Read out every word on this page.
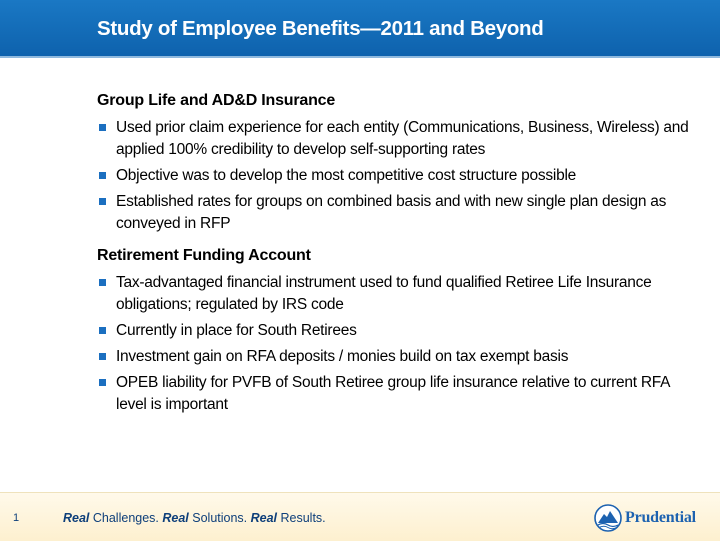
Study of Employee Benefits—2011 and Beyond
Group Life and AD&D Insurance
Used prior claim experience for each entity (Communications, Business, Wireless) and applied 100% credibility to develop self-supporting rates
Objective was to develop the most competitive cost structure possible
Established rates for groups on combined basis and with new single plan design as conveyed in RFP
Retirement Funding Account
Tax-advantaged financial instrument used to fund qualified Retiree Life Insurance obligations; regulated by IRS code
Currently in place for South Retirees
Investment gain on RFA deposits / monies build on tax exempt basis
OPEB liability for PVFB of South Retiree group life insurance relative to current RFA level is important
1	Real Challenges. Real Solutions. Real Results.	Prudential
